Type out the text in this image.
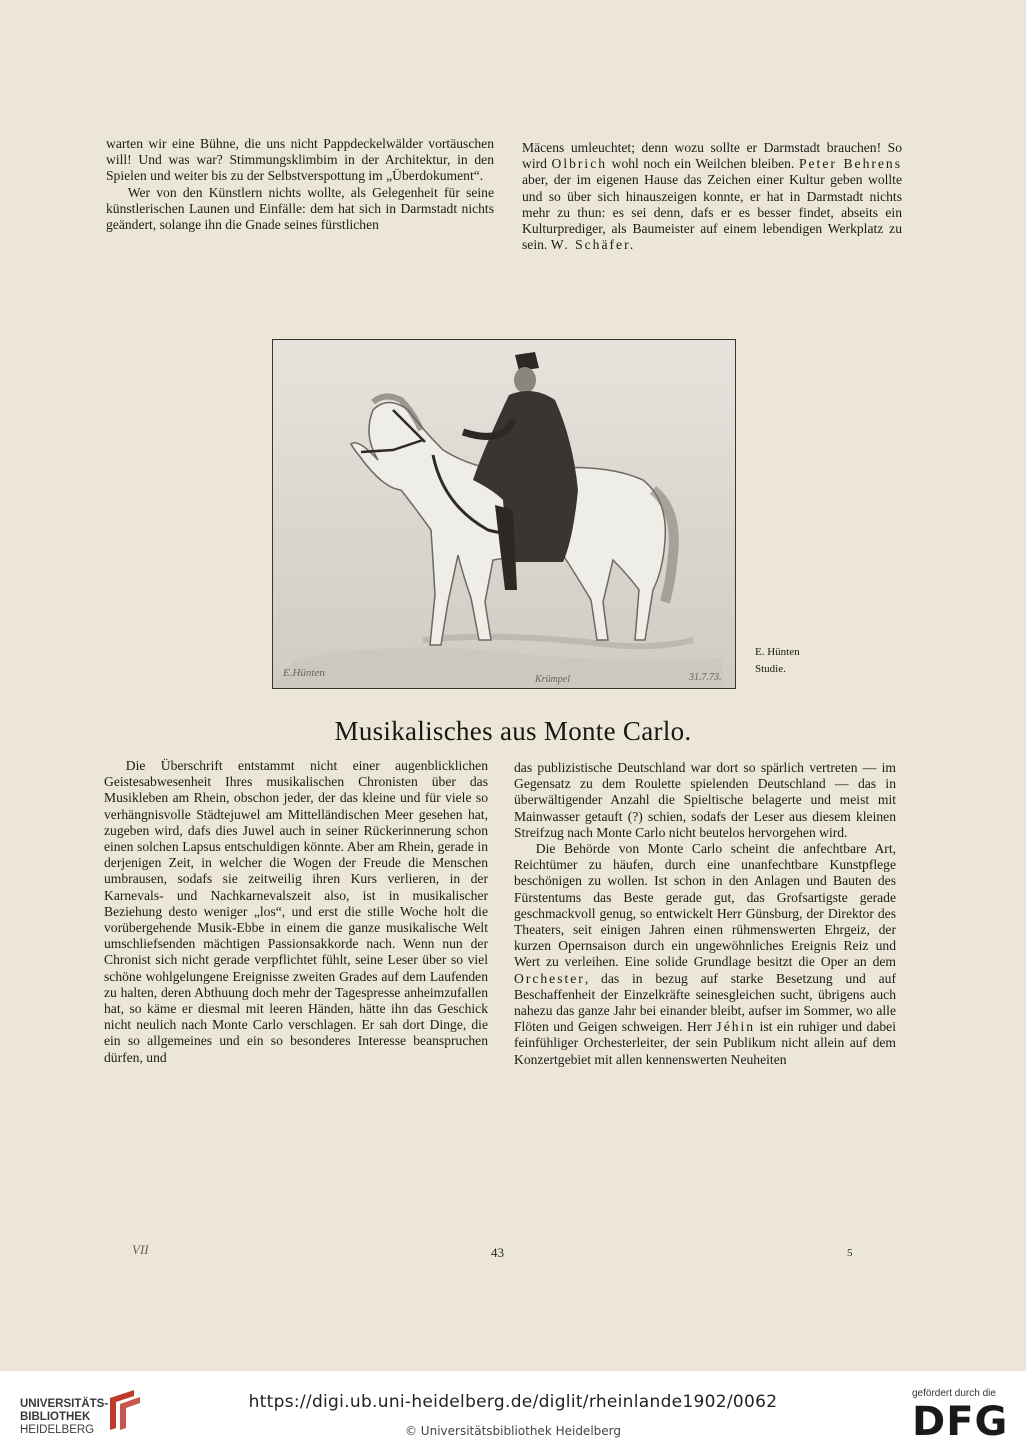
warten wir eine Bühne, die uns nicht Pappdeckelwälder vortäuschen will! Und was war? Stimmungsklimbim in der Architektur, in den Spielen und weiter bis zu der Selbstverspottung im „Überdokument“.

Wer von den Künstlern nichts wollte, als Gelegenheit für seine künstlerischen Launen und Einfälle: dem hat sich in Darmstadt nichts geändert, solange ihn die Gnade seines fürstlichen

Mäcens umleuchtet; denn wozu sollte er Darmstadt brauchen! So wird Olbrich wohl noch ein Weilchen bleiben. Peter Behrens aber, der im eigenen Hause das Zeichen einer Kultur geben wollte und so über sich hinauszeigen konnte, er hat in Darmstadt nichts mehr zu thun: es sei denn, dafs er es besser findet, abseits ein Kulturprediger, als Baumeister auf einem lebendigen Werkplatz zu sein. W. Schäfer.

E.Hünten
Krümpel	31.7.73.
E. Hünten
Studie.
Musikalisches aus Monte Carlo.

Die Überschrift entstammt nicht einer augenblicklichen Geistesabwesenheit Ihres musikalischen Chronisten über das Musikleben am Rhein, obschon jeder, der das kleine und für viele so verhängnisvolle Städtejuwel am Mittelländischen Meer gesehen hat, zugeben wird, dafs dies Juwel auch in seiner Rückerinnerung schon einen solchen Lapsus entschuldigen könnte. Aber am Rhein, gerade in derjenigen Zeit, in welcher die Wogen der Freude die Menschen umbrausen, sodafs sie zeitweilig ihren Kurs verlieren, in der Karnevals- und Nachkarnevalszeit also, ist in musikalischer Beziehung desto weniger „los“, und erst die stille Woche holt die vorübergehende Musik-Ebbe in einem die ganze musikalische Welt umschliefsenden mächtigen Passionsakkorde nach. Wenn nun der Chronist sich nicht gerade verpflichtet fühlt, seine Leser über so viel schöne wohlgelungene Ereignisse zweiten Grades auf dem Laufenden zu halten, deren Abthuung doch mehr der Tagespresse anheimzufallen hat, so käme er diesmal mit leeren Händen, hätte ihn das Geschick nicht neulich nach Monte Carlo verschlagen. Er sah dort Dinge, die ein so allgemeines und ein so besonderes Interesse beanspruchen dürfen, und

das publizistische Deutschland war dort so spärlich vertreten — im Gegensatz zu dem Roulette spielenden Deutschland — das in überwältigender Anzahl die Spieltische belagerte und meist mit Mainwasser getauft (?) schien, sodafs der Leser aus diesem kleinen Streifzug nach Monte Carlo nicht beutelos hervorgehen wird.

Die Behörde von Monte Carlo scheint die anfechtbare Art, Reichtümer zu häufen, durch eine unanfechtbare Kunstpflege beschönigen zu wollen. Ist schon in den Anlagen und Bauten des Fürstentums das Beste gerade gut, das Grofsartigste gerade geschmackvoll genug, so entwickelt Herr Günsburg, der Direktor des Theaters, seit einigen Jahren einen rühmenswerten Ehrgeiz, der kurzen Opernsaison durch ein ungewöhnliches Ereignis Reiz und Wert zu verleihen. Eine solide Grundlage besitzt die Oper an dem Orchester, das in bezug auf starke Besetzung und auf Beschaffenheit der Einzelkräfte seinesgleichen sucht, übrigens auch nahezu das ganze Jahr bei einander bleibt, aufser im Sommer, wo alle Flöten und Geigen schweigen. Herr Jéhin ist ein ruhiger und dabei feinfühliger Orchesterleiter, der sein Publikum nicht allein auf dem Konzertgebiet mit allen kennenswerten Neuheiten

VII	43	5
UNIVERSITÄTS-
BIBLIOTHEK
HEIDELBERG
https://digi.ub.uni-heidelberg.de/diglit/rheinlande1902/0062
© Universitätsbibliothek Heidelberg
gefördert durch die
DFG
